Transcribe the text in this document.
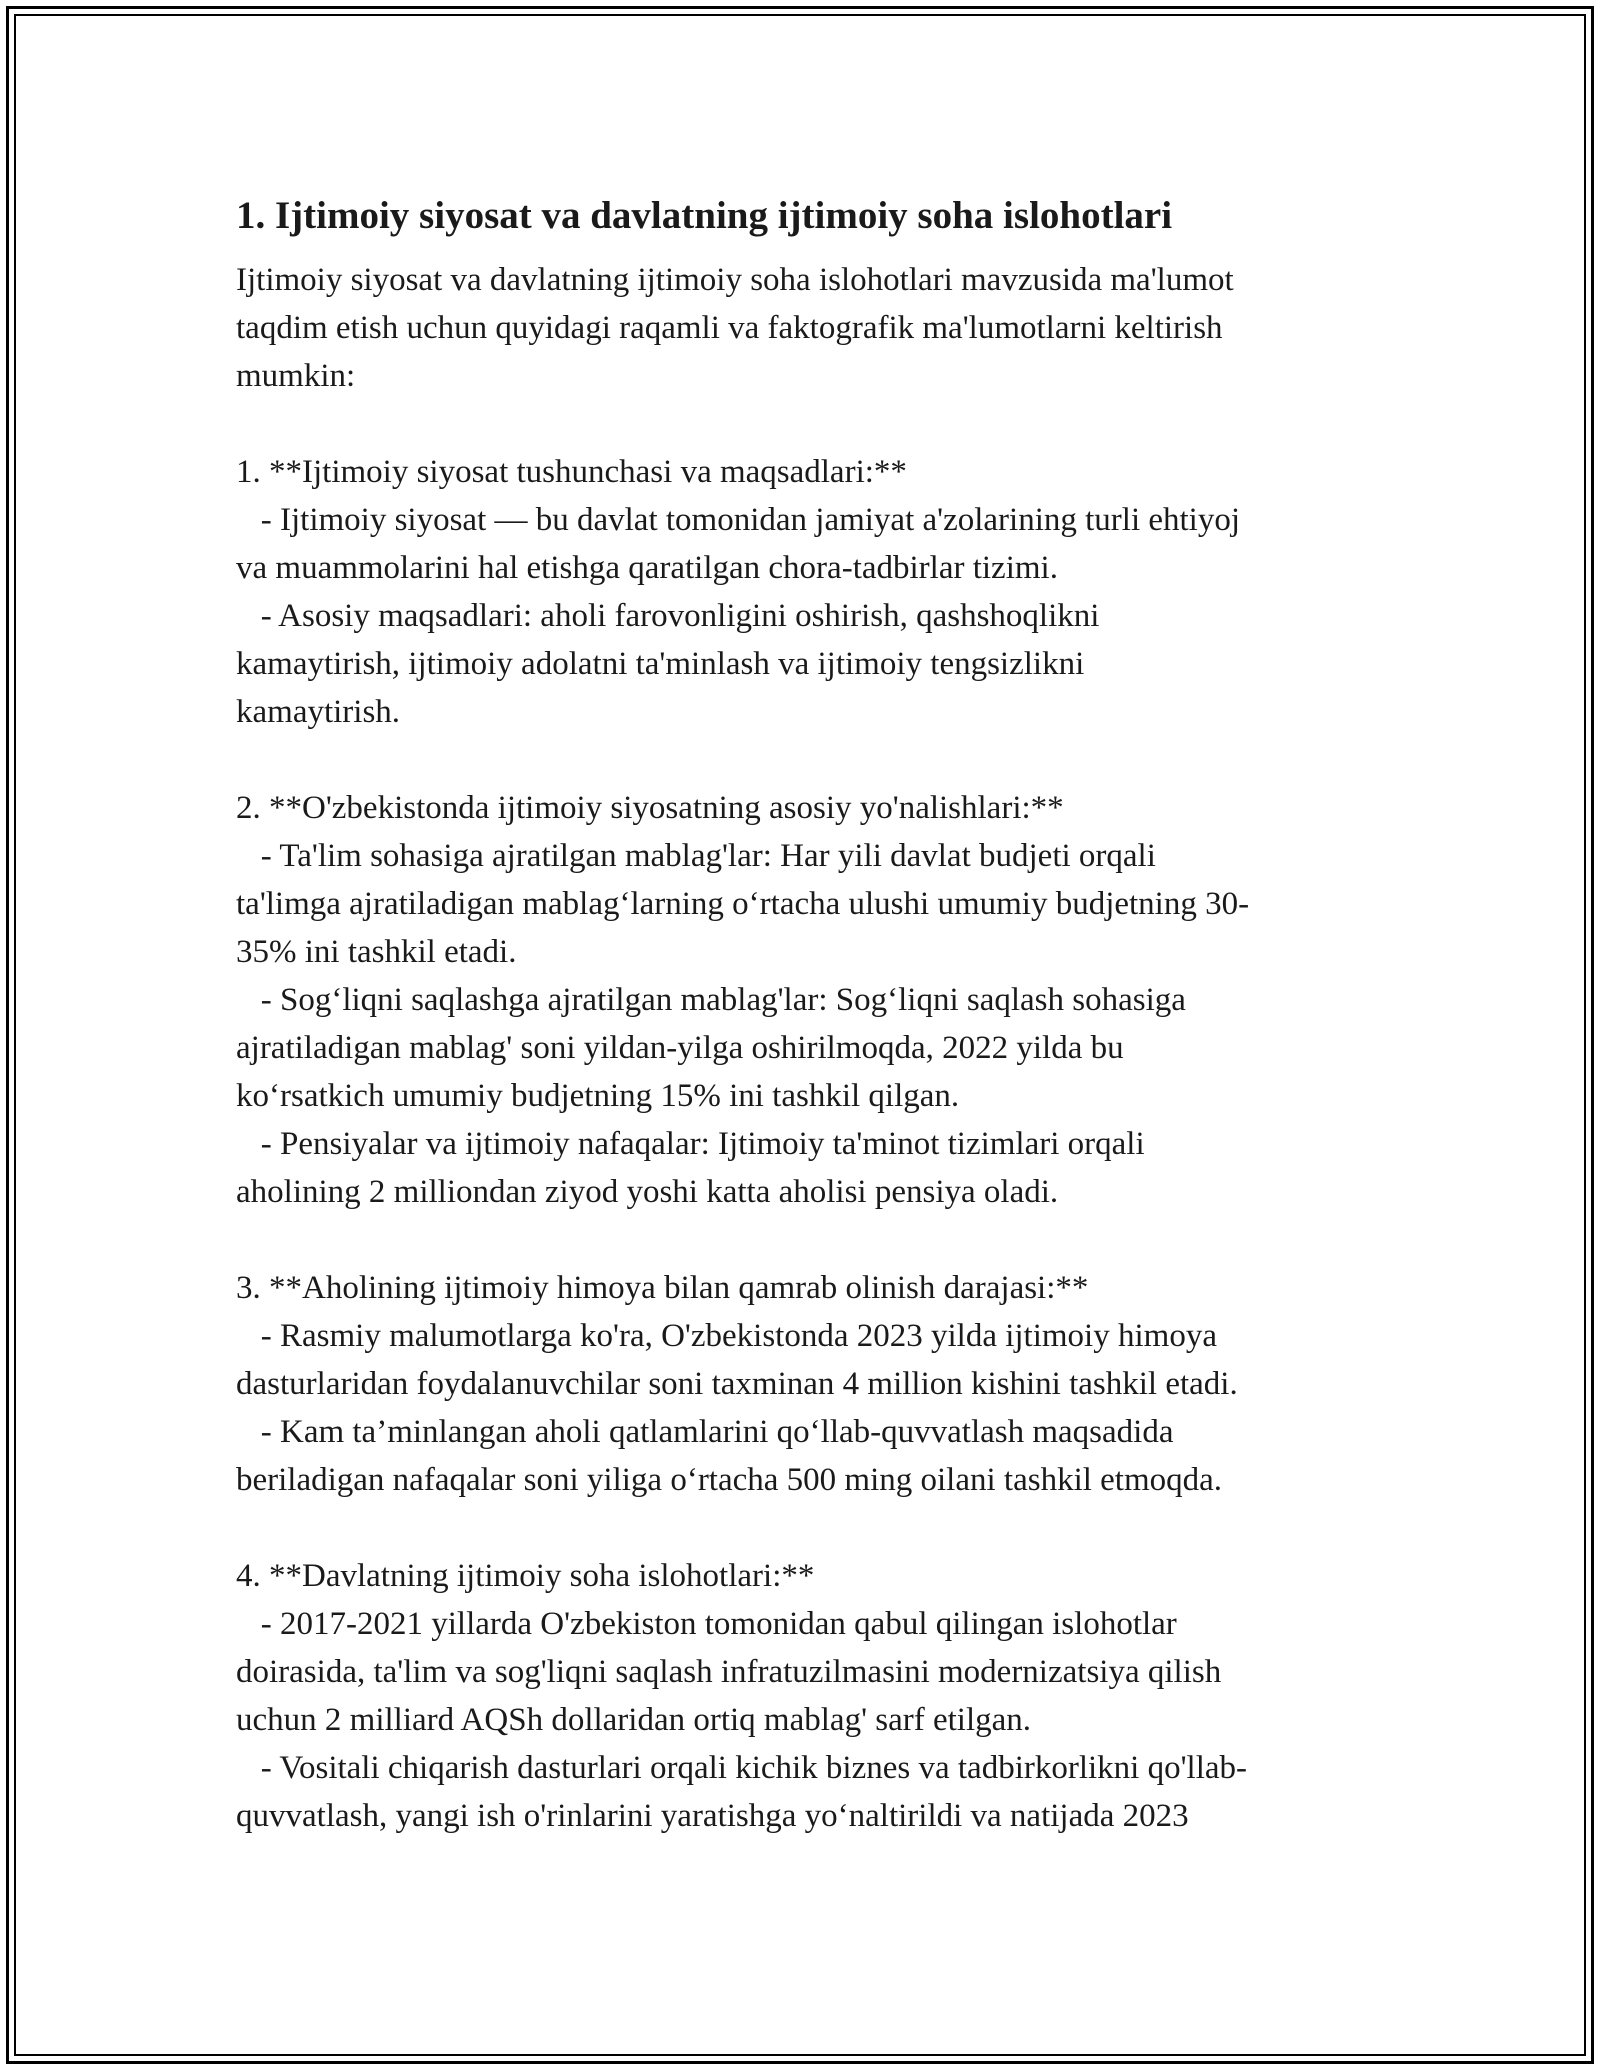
1. Ijtimoiy siyosat va davlatning ijtimoiy soha islohotlari

Ijtimoiy siyosat va davlatning ijtimoiy soha islohotlari mavzusida ma'lumot
taqdim etish uchun quyidagi raqamli va faktografik ma'lumotlarni keltirish
mumkin:

1. **Ijtimoiy siyosat tushunchasi va maqsadlari:**

- Ijtimoiy siyosat — bu davlat tomonidan jamiyat a'zolarining turli ehtiyoj
va muammolarini hal etishga qaratilgan chora-tadbirlar tizimi.

- Asosiy maqsadlari: aholi farovonligini oshirish, qashshoqlikni
kamaytirish, ijtimoiy adolatni ta'minlash va ijtimoiy tengsizlikni
kamaytirish.

2. **O'zbekistonda ijtimoiy siyosatning asosiy yo'nalishlari:**

- Ta'lim sohasiga ajratilgan mablag'lar: Har yili davlat budjeti orqali
ta'limga ajratiladigan mablag‘larning o‘rtacha ulushi umumiy budjetning 30-
35% ini tashkil etadi.

- Sog‘liqni saqlashga ajratilgan mablag'lar: Sog‘liqni saqlash sohasiga
ajratiladigan mablag' soni yildan-yilga oshirilmoqda, 2022 yilda bu
ko‘rsatkich umumiy budjetning 15% ini tashkil qilgan.

- Pensiyalar va ijtimoiy nafaqalar: Ijtimoiy ta'minot tizimlari orqali
aholining 2 milliondan ziyod yoshi katta aholisi pensiya oladi.

3. **Aholining ijtimoiy himoya bilan qamrab olinish darajasi:**

- Rasmiy malumotlarga ko'ra, O'zbekistonda 2023 yilda ijtimoiy himoya
dasturlaridan foydalanuvchilar soni taxminan 4 million kishini tashkil etadi.

- Kam ta’minlangan aholi qatlamlarini qo‘llab-quvvatlash maqsadida
beriladigan nafaqalar soni yiliga o‘rtacha 500 ming oilani tashkil etmoqda.

4. **Davlatning ijtimoiy soha islohotlari:**

- 2017-2021 yillarda O'zbekiston tomonidan qabul qilingan islohotlar
doirasida, ta'lim va sog'liqni saqlash infratuzilmasini modernizatsiya qilish
uchun 2 milliard AQSh dollaridan ortiq mablag' sarf etilgan.

- Vositali chiqarish dasturlari orqali kichik biznes va tadbirkorlikni qo'llab-
quvvatlash, yangi ish o'rinlarini yaratishga yo‘naltirildi va natijada 2023
